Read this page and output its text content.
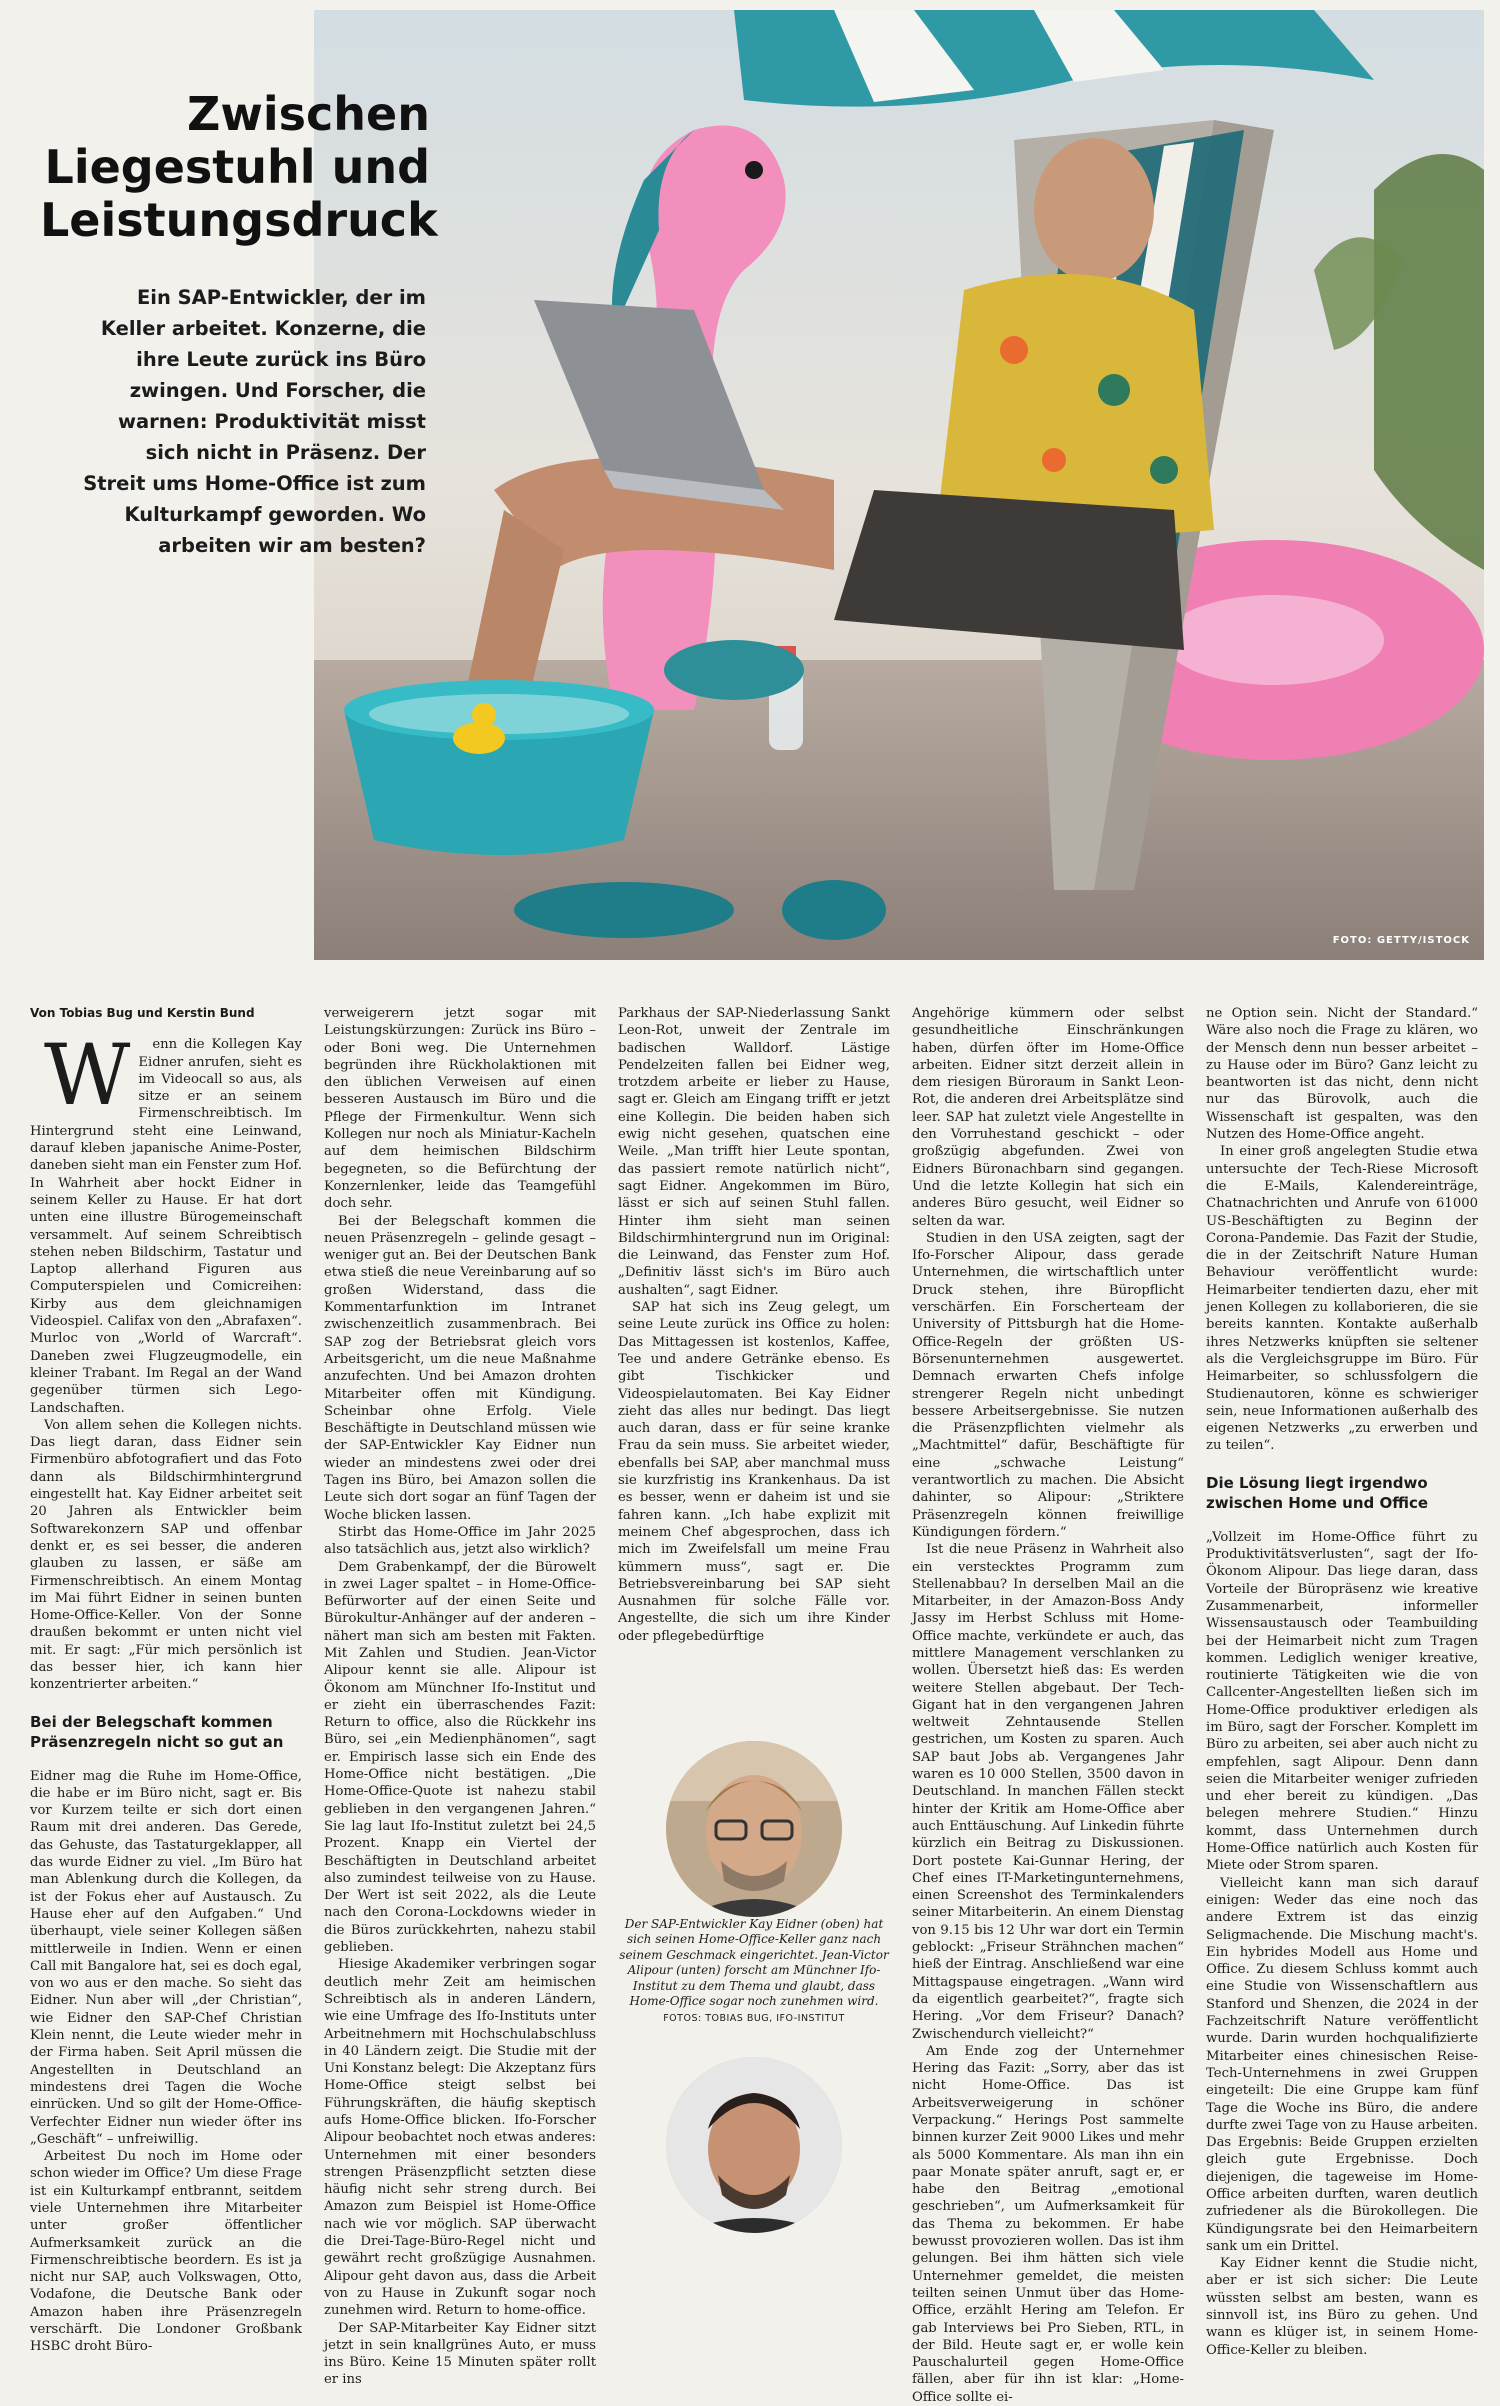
FOTO: GETTY/ISTOCK
Zwischen Liegestuhl und Leistungsdruck

Ein SAP-Entwickler, der im Keller arbeitet. Konzerne, die ihre Leute zurück ins Büro zwingen. Und Forscher, die warnen: Produktivität misst sich nicht in Präsenz. Der Streit ums Home-Office ist zum Kulturkampf geworden. Wo arbeiten wir am besten?

Von Tobias Bug und Kerstin Bund

W enn die Kollegen Kay Eidner anrufen, sieht es im Videocall so aus, als sitze er an seinem Firmenschreibtisch. Im Hintergrund steht eine Leinwand, darauf kleben japanische Anime-Poster, daneben sieht man ein Fenster zum Hof. In Wahrheit aber hockt Eidner in seinem Keller zu Hause. Er hat dort unten eine illustre Bürogemeinschaft versammelt. Auf seinem Schreibtisch stehen neben Bildschirm, Tastatur und Laptop allerhand Figuren aus Computerspielen und Comicreihen: Kirby aus dem gleichnamigen Videospiel. Califax von den „Abrafaxen“. Murloc von „World of Warcraft“. Daneben zwei Flugzeugmodelle, ein kleiner Trabant. Im Regal an der Wand gegenüber türmen sich Lego-Landschaften.

Von allem sehen die Kollegen nichts. Das liegt daran, dass Eidner sein Firmenbüro abfotografiert und das Foto dann als Bildschirmhintergrund eingestellt hat. Kay Eidner arbeitet seit 20 Jahren als Entwickler beim Softwarekonzern SAP und offenbar denkt er, es sei besser, die anderen glauben zu lassen, er säße am Firmenschreibtisch. An einem Montag im Mai führt Eidner in seinen bunten Home-Office-Keller. Von der Sonne draußen bekommt er unten nicht viel mit. Er sagt: „Für mich persönlich ist das besser hier, ich kann hier konzentrierter arbeiten.“

Bei der Belegschaft kommen Präsenzregeln nicht so gut an

Eidner mag die Ruhe im Home-Office, die habe er im Büro nicht, sagt er. Bis vor Kurzem teilte er sich dort einen Raum mit drei anderen. Das Gerede, das Gehuste, das Tastaturgeklapper, all das wurde Eidner zu viel. „Im Büro hat man Ablenkung durch die Kollegen, da ist der Fokus eher auf Austausch. Zu Hause eher auf den Aufgaben.“ Und überhaupt, viele seiner Kollegen säßen mittlerweile in Indien. Wenn er einen Call mit Bangalore hat, sei es doch egal, von wo aus er den mache. So sieht das Eidner. Nun aber will „der Christian“, wie Eidner den SAP-Chef Christian Klein nennt, die Leute wieder mehr in der Firma haben. Seit April müssen die Angestellten in Deutschland an mindestens drei Tagen die Woche einrücken. Und so gilt der Home-Office-Verfechter Eidner nun wieder öfter ins „Geschäft“ – unfreiwillig.

Arbeitest Du noch im Home oder schon wieder im Office? Um diese Frage ist ein Kulturkampf entbrannt, seitdem viele Unternehmen ihre Mitarbeiter unter großer öffentlicher Aufmerksamkeit zurück an die Firmenschreibtische beordern. Es ist ja nicht nur SAP, auch Volkswagen, Otto, Vodafone, die Deutsche Bank oder Amazon haben ihre Präsenzregeln verschärft. Die Londoner Großbank HSBC droht Büro-

verweigerern jetzt sogar mit Leistungskürzungen: Zurück ins Büro – oder Boni weg. Die Unternehmen begründen ihre Rückholaktionen mit den üblichen Verweisen auf einen besseren Austausch im Büro und die Pflege der Firmenkultur. Wenn sich Kollegen nur noch als Miniatur-Kacheln auf dem heimischen Bildschirm begegneten, so die Befürchtung der Konzernlenker, leide das Teamgefühl doch sehr.

Bei der Belegschaft kommen die neuen Präsenzregeln – gelinde gesagt – weniger gut an. Bei der Deutschen Bank etwa stieß die neue Vereinbarung auf so großen Widerstand, dass die Kommentarfunktion im Intranet zwischenzeitlich zusammenbrach. Bei SAP zog der Betriebsrat gleich vors Arbeitsgericht, um die neue Maßnahme anzufechten. Und bei Amazon drohten Mitarbeiter offen mit Kündigung. Scheinbar ohne Erfolg. Viele Beschäftigte in Deutschland müssen wie der SAP-Entwickler Kay Eidner nun wieder an mindestens zwei oder drei Tagen ins Büro, bei Amazon sollen die Leute sich dort sogar an fünf Tagen der Woche blicken lassen.

Stirbt das Home-Office im Jahr 2025 also tatsächlich aus, jetzt also wirklich?

Dem Grabenkampf, der die Bürowelt in zwei Lager spaltet – in Home-Office-Befürworter auf der einen Seite und Bürokultur-Anhänger auf der anderen – nähert man sich am besten mit Fakten. Mit Zahlen und Studien. Jean-Victor Alipour kennt sie alle. Alipour ist Ökonom am Münchner Ifo-Institut und er zieht ein überraschendes Fazit: Return to office, also die Rückkehr ins Büro, sei „ein Medienphänomen“, sagt er. Empirisch lasse sich ein Ende des Home-Office nicht bestätigen. „Die Home-Office-Quote ist nahezu stabil geblieben in den vergangenen Jahren.“ Sie lag laut Ifo-Institut zuletzt bei 24,5 Prozent. Knapp ein Viertel der Beschäftigten in Deutschland arbeitet also zumindest teilweise von zu Hause. Der Wert ist seit 2022, als die Leute nach den Corona-Lockdowns wieder in die Büros zurückkehrten, nahezu stabil geblieben.

Hiesige Akademiker verbringen sogar deutlich mehr Zeit am heimischen Schreibtisch als in anderen Ländern, wie eine Umfrage des Ifo-Instituts unter Arbeitnehmern mit Hochschulabschluss in 40 Ländern zeigt. Die Studie mit der Uni Konstanz belegt: Die Akzeptanz fürs Home-Office steigt selbst bei Führungskräften, die häufig skeptisch aufs Home-Office blicken. Ifo-Forscher Alipour beobachtet noch etwas anderes: Unternehmen mit einer besonders strengen Präsenzpflicht setzten diese häufig nicht sehr streng durch. Bei Amazon zum Beispiel ist Home-Office nach wie vor möglich. SAP überwacht die Drei-Tage-Büro-Regel nicht und gewährt recht großzügige Ausnahmen. Alipour geht davon aus, dass die Arbeit von zu Hause in Zukunft sogar noch zunehmen wird. Return to home-office.

Der SAP-Mitarbeiter Kay Eidner sitzt jetzt in sein knallgrünes Auto, er muss ins Büro. Keine 15 Minuten später rollt er ins

Parkhaus der SAP-Niederlassung Sankt Leon-Rot, unweit der Zentrale im badischen Walldorf. Lästige Pendelzeiten fallen bei Eidner weg, trotzdem arbeite er lieber zu Hause, sagt er. Gleich am Eingang trifft er jetzt eine Kollegin. Die beiden haben sich ewig nicht gesehen, quatschen eine Weile. „Man trifft hier Leute spontan, das passiert remote natürlich nicht“, sagt Eidner. Angekommen im Büro, lässt er sich auf seinen Stuhl fallen. Hinter ihm sieht man seinen Bildschirmhintergrund nun im Original: die Leinwand, das Fenster zum Hof. „Definitiv lässt sich's im Büro auch aushalten“, sagt Eidner.

SAP hat sich ins Zeug gelegt, um seine Leute zurück ins Office zu holen: Das Mittagessen ist kostenlos, Kaffee, Tee und andere Getränke ebenso. Es gibt Tischkicker und Videospielautomaten. Bei Kay Eidner zieht das alles nur bedingt. Das liegt auch daran, dass er für seine kranke Frau da sein muss. Sie arbeitet wieder, ebenfalls bei SAP, aber manchmal muss sie kurzfristig ins Krankenhaus. Da ist es besser, wenn er daheim ist und sie fahren kann. „Ich habe explizit mit meinem Chef abgesprochen, dass ich mich im Zweifelsfall um meine Frau kümmern muss“, sagt er. Die Betriebsvereinbarung bei SAP sieht Ausnahmen für solche Fälle vor. Angestellte, die sich um ihre Kinder oder pflegebedürftige

Der SAP-Entwickler Kay Eidner (oben) hat sich seinen Home-Office-Keller ganz nach seinem Geschmack eingerichtet. Jean-Victor Alipour (unten) forscht am Münchner Ifo-Institut zu dem Thema und glaubt, dass Home-Office sogar noch zunehmen wird.

FOTOS: TOBIAS BUG, IFO-INSTITUT

Angehörige kümmern oder selbst gesundheitliche Einschränkungen haben, dürfen öfter im Home-Office arbeiten. Eidner sitzt derzeit allein in dem riesigen Büroraum in Sankt Leon-Rot, die anderen drei Arbeitsplätze sind leer. SAP hat zuletzt viele Angestellte in den Vorruhestand geschickt – oder großzügig abgefunden. Zwei von Eidners Büronachbarn sind gegangen. Und die letzte Kollegin hat sich ein anderes Büro gesucht, weil Eidner so selten da war.

Studien in den USA zeigten, sagt der Ifo-Forscher Alipour, dass gerade Unternehmen, die wirtschaftlich unter Druck stehen, ihre Büropflicht verschärfen. Ein Forscherteam der University of Pittsburgh hat die Home-Office-Regeln der größten US-Börsenunternehmen ausgewertet. Demnach erwarten Chefs infolge strengerer Regeln nicht unbedingt bessere Arbeitsergebnisse. Sie nutzen die Präsenzpflichten vielmehr als „Machtmittel“ dafür, Beschäftigte für eine „schwache Leistung“ verantwortlich zu machen. Die Absicht dahinter, so Alipour: „Striktere Präsenzregeln können freiwillige Kündigungen fördern.“

Ist die neue Präsenz in Wahrheit also ein verstecktes Programm zum Stellenabbau? In derselben Mail an die Mitarbeiter, in der Amazon-Boss Andy Jassy im Herbst Schluss mit Home-Office machte, verkündete er auch, das mittlere Management verschlanken zu wollen. Übersetzt hieß das: Es werden weitere Stellen abgebaut. Der Tech-Gigant hat in den vergangenen Jahren weltweit Zehntausende Stellen gestrichen, um Kosten zu sparen. Auch SAP baut Jobs ab. Vergangenes Jahr waren es 10 000 Stellen, 3500 davon in Deutschland. In manchen Fällen steckt hinter der Kritik am Home-Office aber auch Enttäuschung. Auf Linkedin führte kürzlich ein Beitrag zu Diskussionen. Dort postete Kai-Gunnar Hering, der Chef eines IT-Marketingunternehmens, einen Screenshot des Terminkalenders seiner Mitarbeiterin. An einem Dienstag von 9.15 bis 12 Uhr war dort ein Termin geblockt: „Friseur Strähnchen machen“ hieß der Eintrag. Anschließend war eine Mittagspause eingetragen. „Wann wird da eigentlich gearbeitet?“, fragte sich Hering. „Vor dem Friseur? Danach? Zwischendurch vielleicht?“

Am Ende zog der Unternehmer Hering das Fazit: „Sorry, aber das ist nicht Home-Office. Das ist Arbeitsverweigerung in schöner Verpackung.“ Herings Post sammelte binnen kurzer Zeit 9000 Likes und mehr als 5000 Kommentare. Als man ihn ein paar Monate später anruft, sagt er, er habe den Beitrag „emotional geschrieben“, um Aufmerksamkeit für das Thema zu bekommen. Er habe bewusst provozieren wollen. Das ist ihm gelungen. Bei ihm hätten sich viele Unternehmer gemeldet, die meisten teilten seinen Unmut über das Home-Office, erzählt Hering am Telefon. Er gab Interviews bei Pro Sieben, RTL, in der Bild. Heute sagt er, er wolle kein Pauschalurteil gegen Home-Office fällen, aber für ihn ist klar: „Home-Office sollte ei-

ne Option sein. Nicht der Standard.“ Wäre also noch die Frage zu klären, wo der Mensch denn nun besser arbeitet – zu Hause oder im Büro? Ganz leicht zu beantworten ist das nicht, denn nicht nur das Bürovolk, auch die Wissenschaft ist gespalten, was den Nutzen des Home-Office angeht.

In einer groß angelegten Studie etwa untersuchte der Tech-Riese Microsoft die E-Mails, Kalendereinträge, Chatnachrichten und Anrufe von 61000 US-Beschäftigten zu Beginn der Corona-Pandemie. Das Fazit der Studie, die in der Zeitschrift Nature Human Behaviour veröffentlicht wurde: Heimarbeiter tendierten dazu, eher mit jenen Kollegen zu kollaborieren, die sie bereits kannten. Kontakte außerhalb ihres Netzwerks knüpften sie seltener als die Vergleichsgruppe im Büro. Für Heimarbeiter, so schlussfolgern die Studienautoren, könne es schwieriger sein, neue Informationen außerhalb des eigenen Netzwerks „zu erwerben und zu teilen“.

Die Lösung liegt irgendwo zwischen Home und Office

„Vollzeit im Home-Office führt zu Produktivitätsverlusten“, sagt der Ifo-Ökonom Alipour. Das liege daran, dass Vorteile der Büropräsenz wie kreative Zusammenarbeit, informeller Wissensaustausch oder Teambuilding bei der Heimarbeit nicht zum Tragen kommen. Lediglich weniger kreative, routinierte Tätigkeiten wie die von Callcenter-Angestellten ließen sich im Home-Office produktiver erledigen als im Büro, sagt der Forscher. Komplett im Büro zu arbeiten, sei aber auch nicht zu empfehlen, sagt Alipour. Denn dann seien die Mitarbeiter weniger zufrieden und eher bereit zu kündigen. „Das belegen mehrere Studien.“ Hinzu kommt, dass Unternehmen durch Home-Office natürlich auch Kosten für Miete oder Strom sparen.

Vielleicht kann man sich darauf einigen: Weder das eine noch das andere Extrem ist das einzig Seligmachende. Die Mischung macht's. Ein hybrides Modell aus Home und Office. Zu diesem Schluss kommt auch eine Studie von Wissenschaftlern aus Stanford und Shenzen, die 2024 in der Fachzeitschrift Nature veröffentlicht wurde. Darin wurden hochqualifizierte Mitarbeiter eines chinesischen Reise-Tech-Unternehmens in zwei Gruppen eingeteilt: Die eine Gruppe kam fünf Tage die Woche ins Büro, die andere durfte zwei Tage von zu Hause arbeiten. Das Ergebnis: Beide Gruppen erzielten gleich gute Ergebnisse. Doch diejenigen, die tageweise im Home-Office arbeiten durften, waren deutlich zufriedener als die Bürokollegen. Die Kündigungsrate bei den Heimarbeitern sank um ein Drittel.

Kay Eidner kennt die Studie nicht, aber er ist sich sicher: Die Leute wüssten selbst am besten, wann es sinnvoll ist, ins Büro zu gehen. Und wann es klüger ist, in seinem Home-Office-Keller zu bleiben.
